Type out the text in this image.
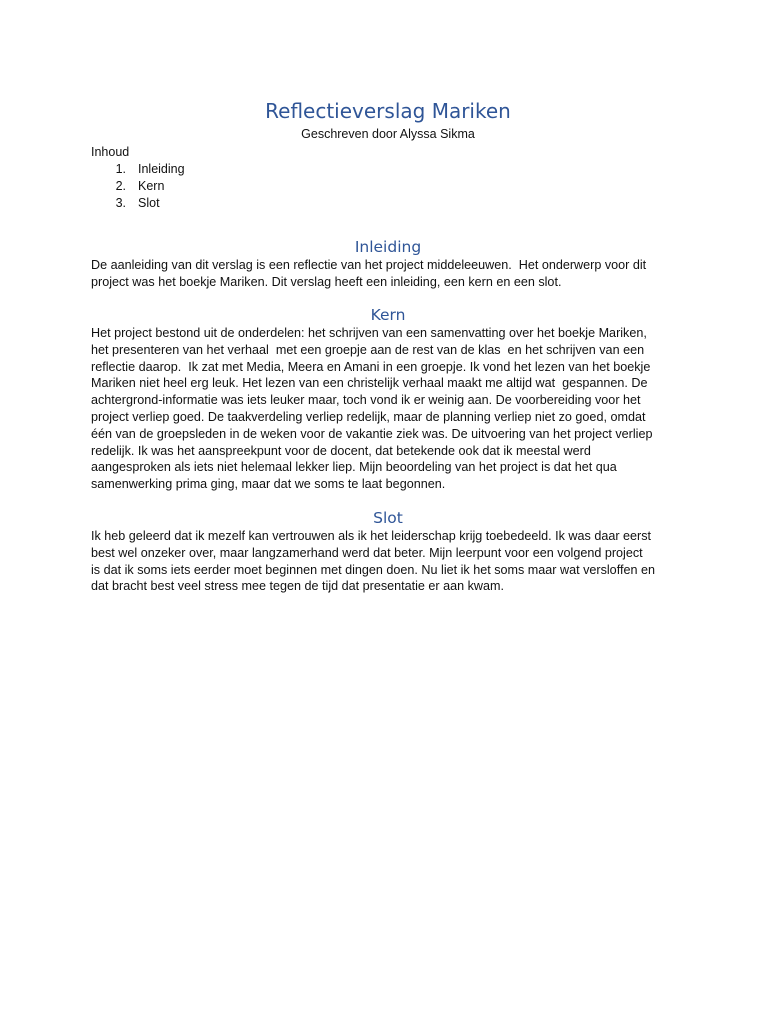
Reflectieverslag Mariken

Geschreven door Alyssa Sikma

Inhoud

1. Inleiding
2. Kern
3. Slot
Inleiding

De aanleiding van dit verslag is een reflectie van het project middeleeuwen.  Het onderwerp voor dit
project was het boekje Mariken. Dit verslag heeft een inleiding, een kern en een slot.

Kern

Het project bestond uit de onderdelen: het schrijven van een samenvatting over het boekje Mariken,
het presenteren van het verhaal  met een groepje aan de rest van de klas  en het schrijven van een
reflectie daarop.  Ik zat met Media, Meera en Amani in een groepje. Ik vond het lezen van het boekje
Mariken niet heel erg leuk. Het lezen van een christelijk verhaal maakt me altijd wat  gespannen. De
achtergrond-informatie was iets leuker maar, toch vond ik er weinig aan. De voorbereiding voor het
project verliep goed. De taakverdeling verliep redelijk, maar de planning verliep niet zo goed, omdat
één van de groepsleden in de weken voor de vakantie ziek was. De uitvoering van het project verliep
redelijk. Ik was het aanspreekpunt voor de docent, dat betekende ook dat ik meestal werd
aangesproken als iets niet helemaal lekker liep. Mijn beoordeling van het project is dat het qua
samenwerking prima ging, maar dat we soms te laat begonnen.

Slot

Ik heb geleerd dat ik mezelf kan vertrouwen als ik het leiderschap krijg toebedeeld. Ik was daar eerst
best wel onzeker over, maar langzamerhand werd dat beter. Mijn leerpunt voor een volgend project
is dat ik soms iets eerder moet beginnen met dingen doen. Nu liet ik het soms maar wat versloffen en
dat bracht best veel stress mee tegen de tijd dat presentatie er aan kwam.
